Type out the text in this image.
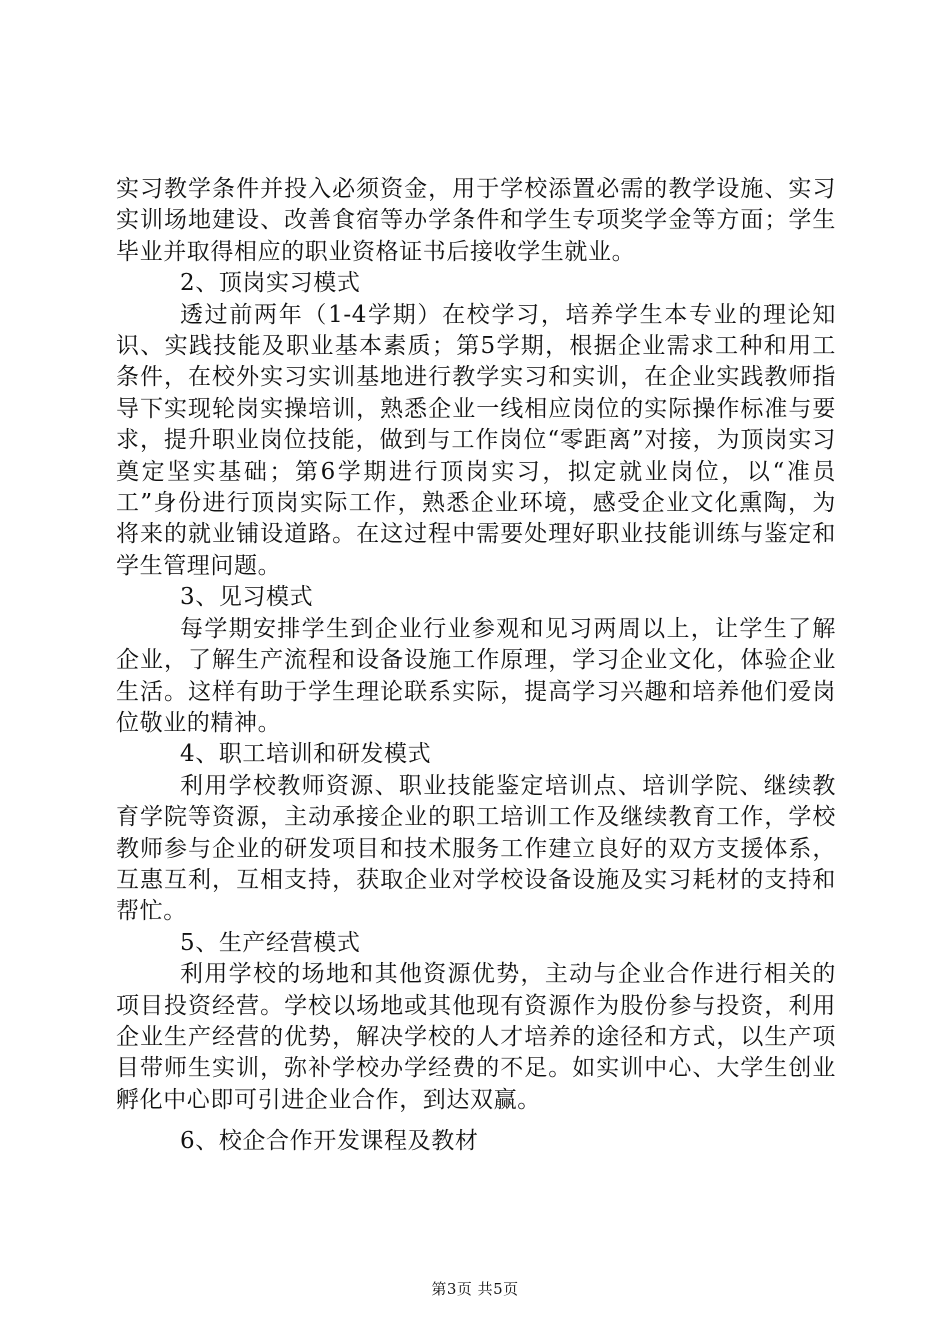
实习教学条件并投入必须资金，用于学校添置必需的教学设施、实习实训场地建设、改善食宿等办学条件和学生专项奖学金等方面；学生毕业并取得相应的职业资格证书后接收学生就业。

2、顶岗实习模式

透过前两年（1-4学期）在校学习，培养学生本专业的理论知识、实践技能及职业基本素质；第5学期，根据企业需求工种和用工条件，在校外实习实训基地进行教学实习和实训，在企业实践教师指导下实现轮岗实操培训，熟悉企业一线相应岗位的实际操作标准与要求，提升职业岗位技能，做到与工作岗位“零距离”对接，为顶岗实习奠定坚实基础；第6学期进行顶岗实习，拟定就业岗位，以“准员工”身份进行顶岗实际工作，熟悉企业环境，感受企业文化熏陶，为将来的就业铺设道路。在这过程中需要处理好职业技能训练与鉴定和学生管理问题。

3、见习模式

每学期安排学生到企业行业参观和见习两周以上，让学生了解企业，了解生产流程和设备设施工作原理，学习企业文化，体验企业生活。这样有助于学生理论联系实际，提高学习兴趣和培养他们爱岗位敬业的精神。

4、职工培训和研发模式

利用学校教师资源、职业技能鉴定培训点、培训学院、继续教育学院等资源，主动承接企业的职工培训工作及继续教育工作，学校教师参与企业的研发项目和技术服务工作建立良好的双方支援体系，互惠互利，互相支持，获取企业对学校设备设施及实习耗材的支持和帮忙。

5、生产经营模式

利用学校的场地和其他资源优势，主动与企业合作进行相关的项目投资经营。学校以场地或其他现有资源作为股份参与投资，利用企业生产经营的优势，解决学校的人才培养的途径和方式，以生产项目带师生实训，弥补学校办学经费的不足。如实训中心、大学生创业孵化中心即可引进企业合作，到达双赢。

6、校企合作开发课程及教材

第3页 共5页
